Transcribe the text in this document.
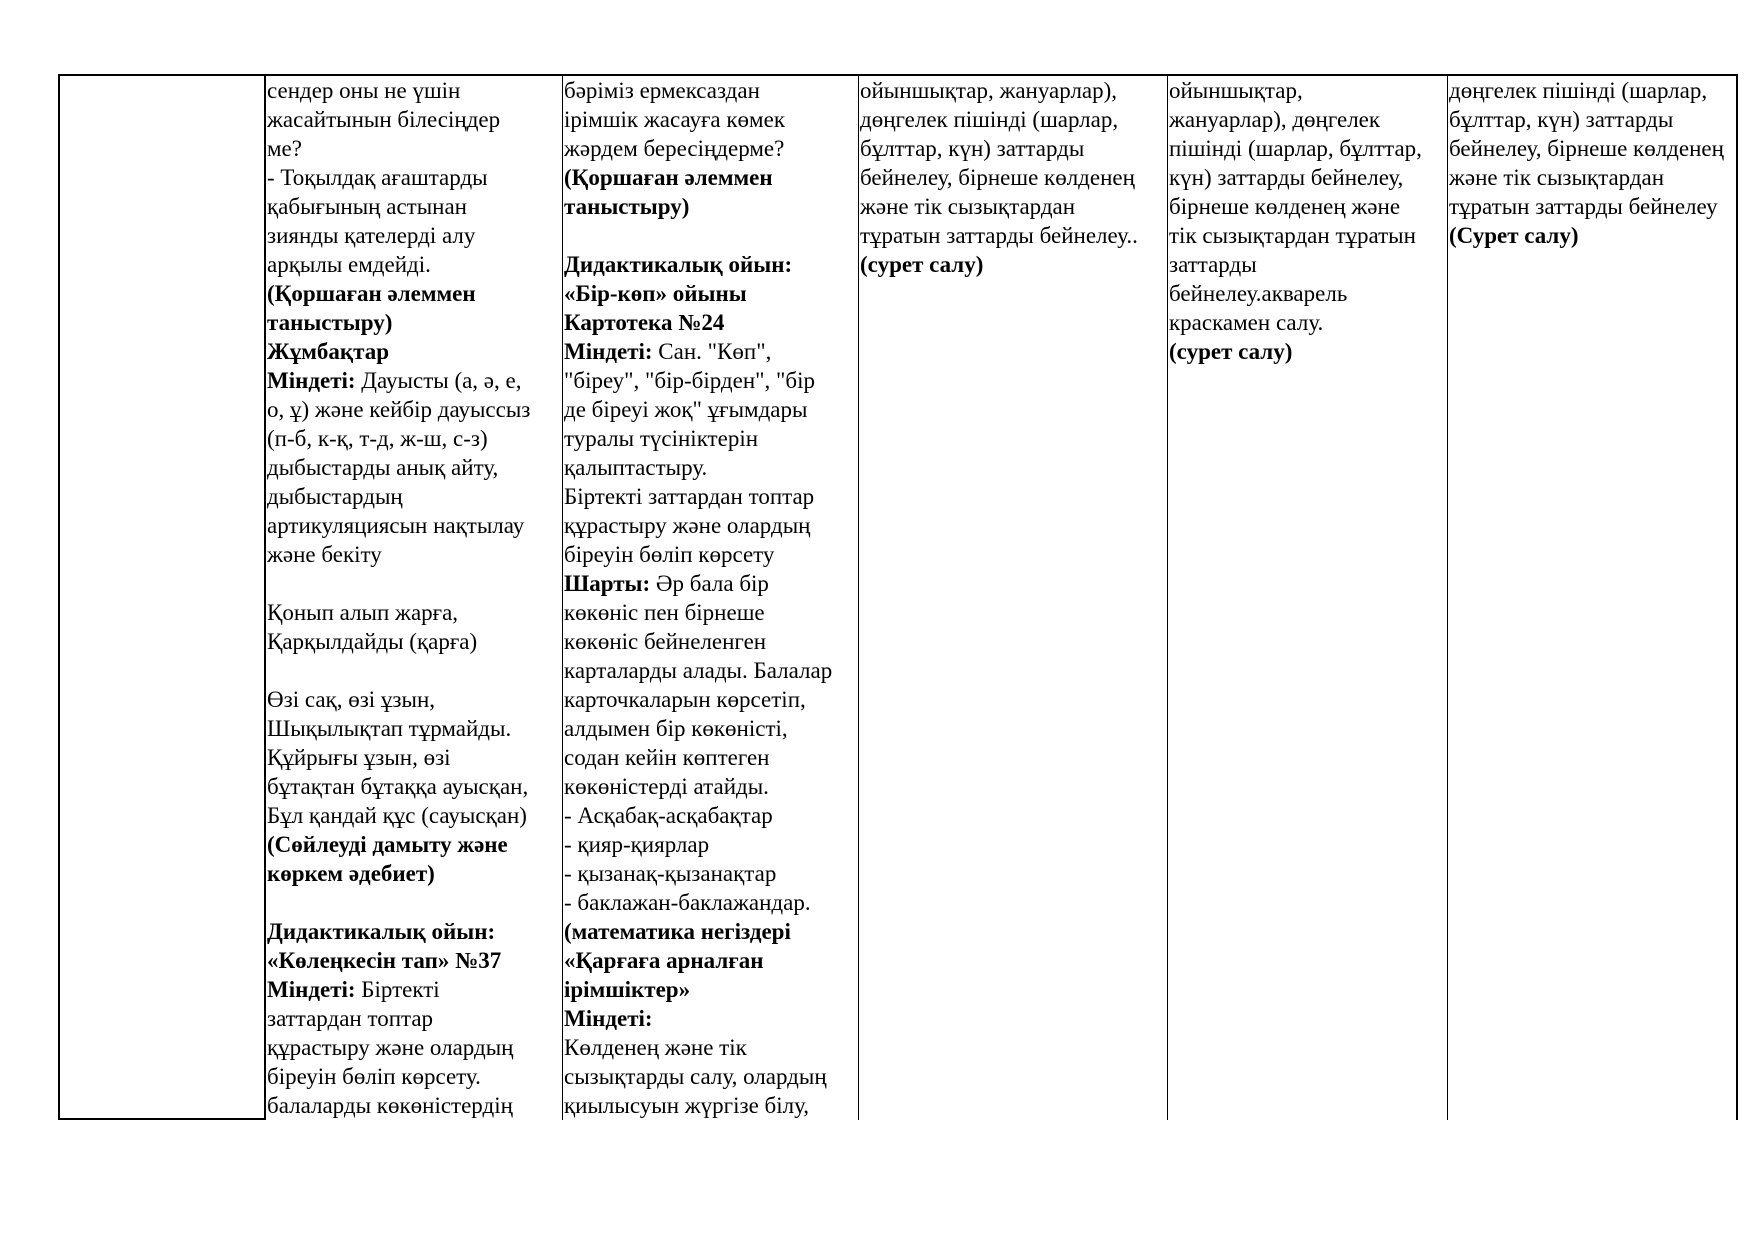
сендер оны не үшін
жасайтынын білесіңдер
ме?
- Тоқылдақ ағаштарды
қабығының астынан
зиянды қателерді алу
арқылы емдейді.
(Қоршаған әлеммен
таныстыру)
Жұмбақтар
Міндеті: Дауысты (а, ә, е,
о, ұ) және кейбір дауыссыз
(п-б, к-қ, т-д, ж-ш, с-з)
дыбыстарды анық айту,
дыбыстардың
артикуляциясын нақтылау
және бекіту
Қонып алып жарға,
Қарқылдайды (қарға)
Өзі сақ, өзі ұзын,
Шықылықтап тұрмайды.
Құйрығы ұзын, өзі
бұтақтан бұтаққа ауысқан,
Бұл қандай құс (сауысқан)
(Сөйлеуді дамыту және
көркем әдебиет)
Дидактикалық ойын:
«Көлеңкесін тап» №37
Міндеті: Біртекті
заттардан топтар
құрастыру және олардың
біреуін бөліп көрсету.
балаларды көкөністердің
бәріміз ермексаздан
ірімшік жасауға көмек
жәрдем бересіңдерме?
(Қоршаған әлеммен
таныстыру)
Дидактикалық ойын:
«Бір-көп» ойыны
Картотека №24
Міндеті: Сан. "Көп",
"біреу", "бір-бірден", "бір
де біреуі жоқ" ұғымдары
туралы түсініктерін
қалыптастыру.
Біртекті заттардан топтар
құрастыру және олардың
біреуін бөліп көрсету
Шарты: Әр бала бір
көкөніс пен бірнеше
көкөніс бейнеленген
карталарды алады. Балалар
карточкаларын көрсетіп,
алдымен бір көкөністі,
содан кейін көптеген
көкөністерді атайды.
- Асқабақ-асқабақтар
- қияр-қиярлар
- қызанақ-қызанақтар
- баклажан-баклажандар.
(математика негіздері
«Қарғаға арналған
ірімшіктер»
Міндеті:
Көлденең және тік
сызықтарды салу, олардың
қиылысуын жүргізе білу,
ойыншықтар, жануарлар),
дөңгелек пішінді (шарлар,
бұлттар, күн) заттарды
бейнелеу, бірнеше көлденең
және тік сызықтардан
тұратын заттарды бейнелеу..
(сурет салу)
ойыншықтар,
жануарлар), дөңгелек
пішінді (шарлар, бұлттар,
күн) заттарды бейнелеу,
бірнеше көлденең және
тік сызықтардан тұратын
заттарды
бейнелеу.акварель
краскамен салу.
(сурет салу)
дөңгелек пішінді (шарлар,
бұлттар, күн) заттарды
бейнелеу, бірнеше көлденең
және тік сызықтардан
тұратын заттарды бейнелеу
(Сурет салу)
